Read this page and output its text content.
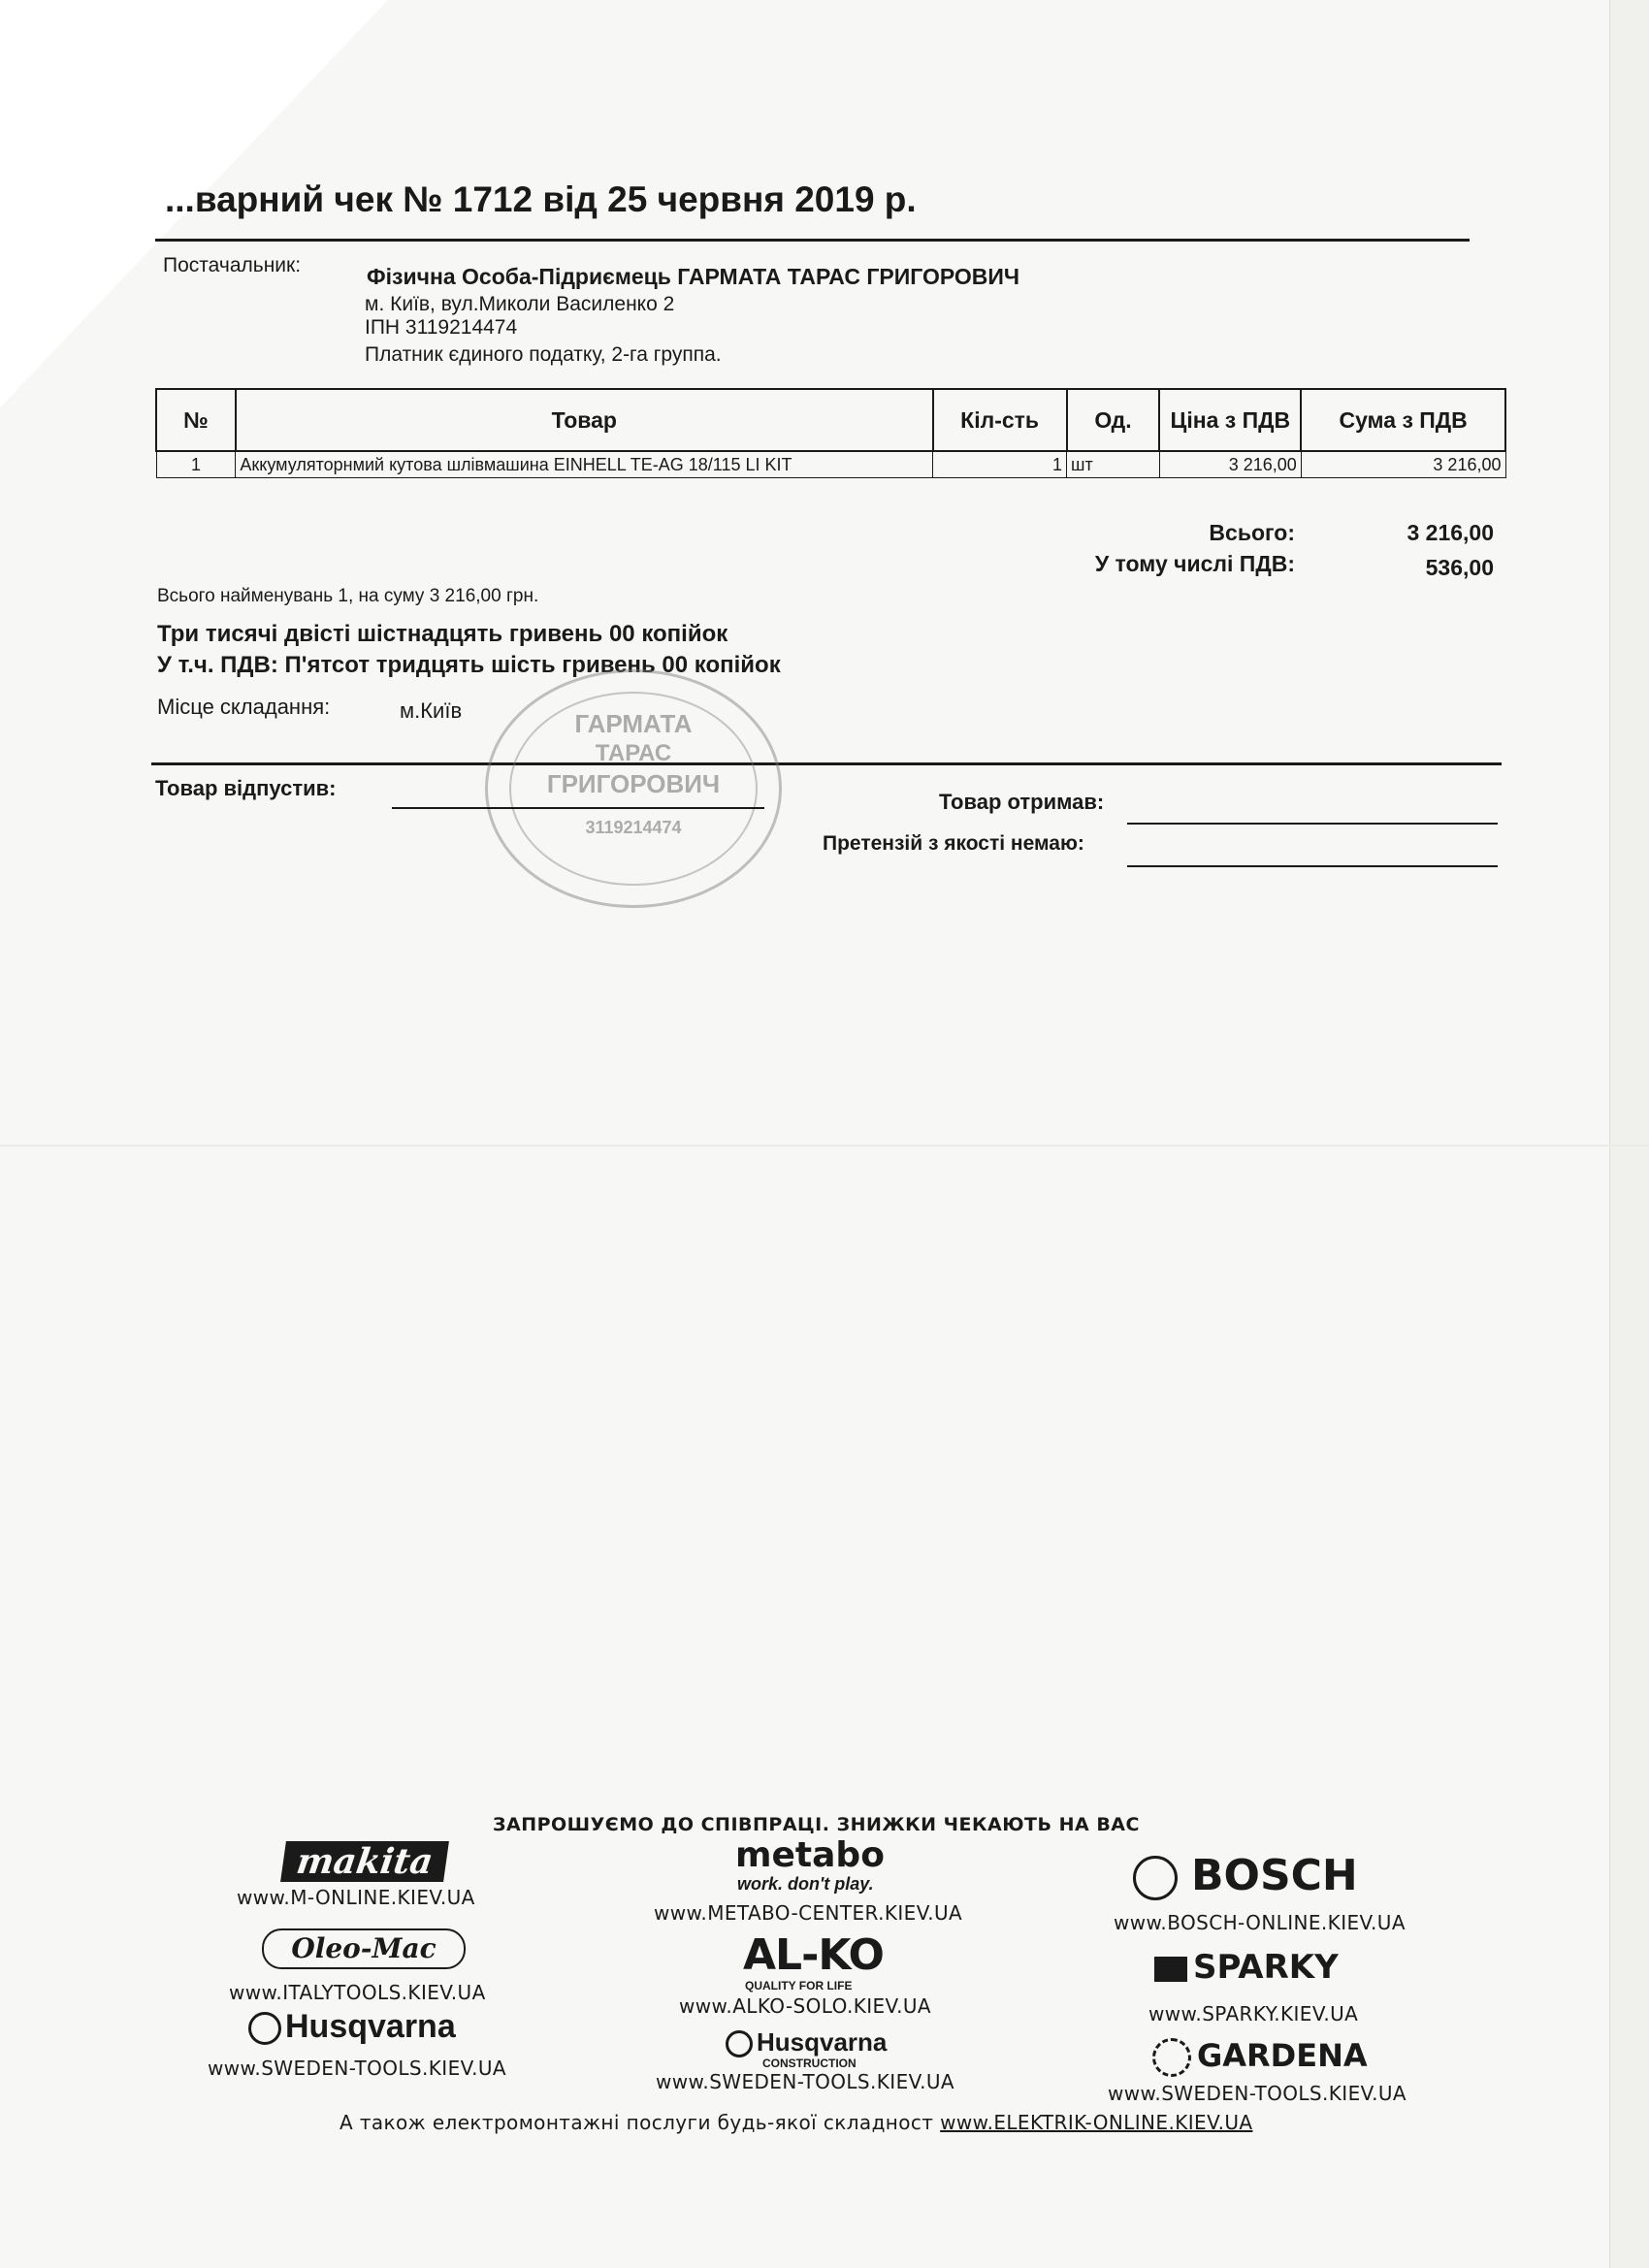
...варний чек № 1712 від 25 червня 2019 р.
Постачальник:	Фізична Особа-Підриємець ГАРМАТА ТАРАС ГРИГОРОВИЧ
м. Київ, вул.Миколи Василенко 2
ІПН 3119214474
Платник єдиного податку, 2-га группа.
№	Товар	Кіл-сть	Од.	Ціна з ПДВ	Сума з ПДВ
1	Аккумуляторнмий кутова шлівмашина EINHELL TE-AG 18/115 LI KIT	1	шт	3 216,00	3 216,00
Всього:	3 216,00
У тому числі ПДВ:	536,00
Всього найменувань 1, на суму 3 216,00 грн.
Три тисячі двісті шістнадцять гривень 00 копійок
У т.ч. ПДВ: П'ятсот тридцять шість гривень 00 копійок
Місце складання:	м.Київ	ГАРМАТА
ТАРАС
ГРИГОРОВИЧ
3119214474
Товар відпустив:
Товар отримав:
Претензій з якості немаю:
ЗАПРОШУЄМО ДО СПІВПРАЦІ. ЗНИЖКИ ЧЕКАЮТЬ НА ВАС
makita
www.M-ONLINE.KIEV.UA
Oleo-Mac
www.ITALYTOOLS.KIEV.UA
Husqvarna
www.SWEDEN-TOOLS.KIEV.UA
metabo
work. don't play.
www.METABO-CENTER.KIEV.UA
AL-KO
QUALITY FOR LIFE
www.ALKO-SOLO.KIEV.UA
Husqvarna
CONSTRUCTION
www.SWEDEN-TOOLS.KIEV.UA
BOSCH
www.BOSCH-ONLINE.KIEV.UA
SPARKY
www.SPARKY.KIEV.UA
GARDENA
www.SWEDEN-TOOLS.KIEV.UA
А також електромонтажні послуги будь-якої складност www.ELEKTRIK-ONLINE.KIEV.UA
